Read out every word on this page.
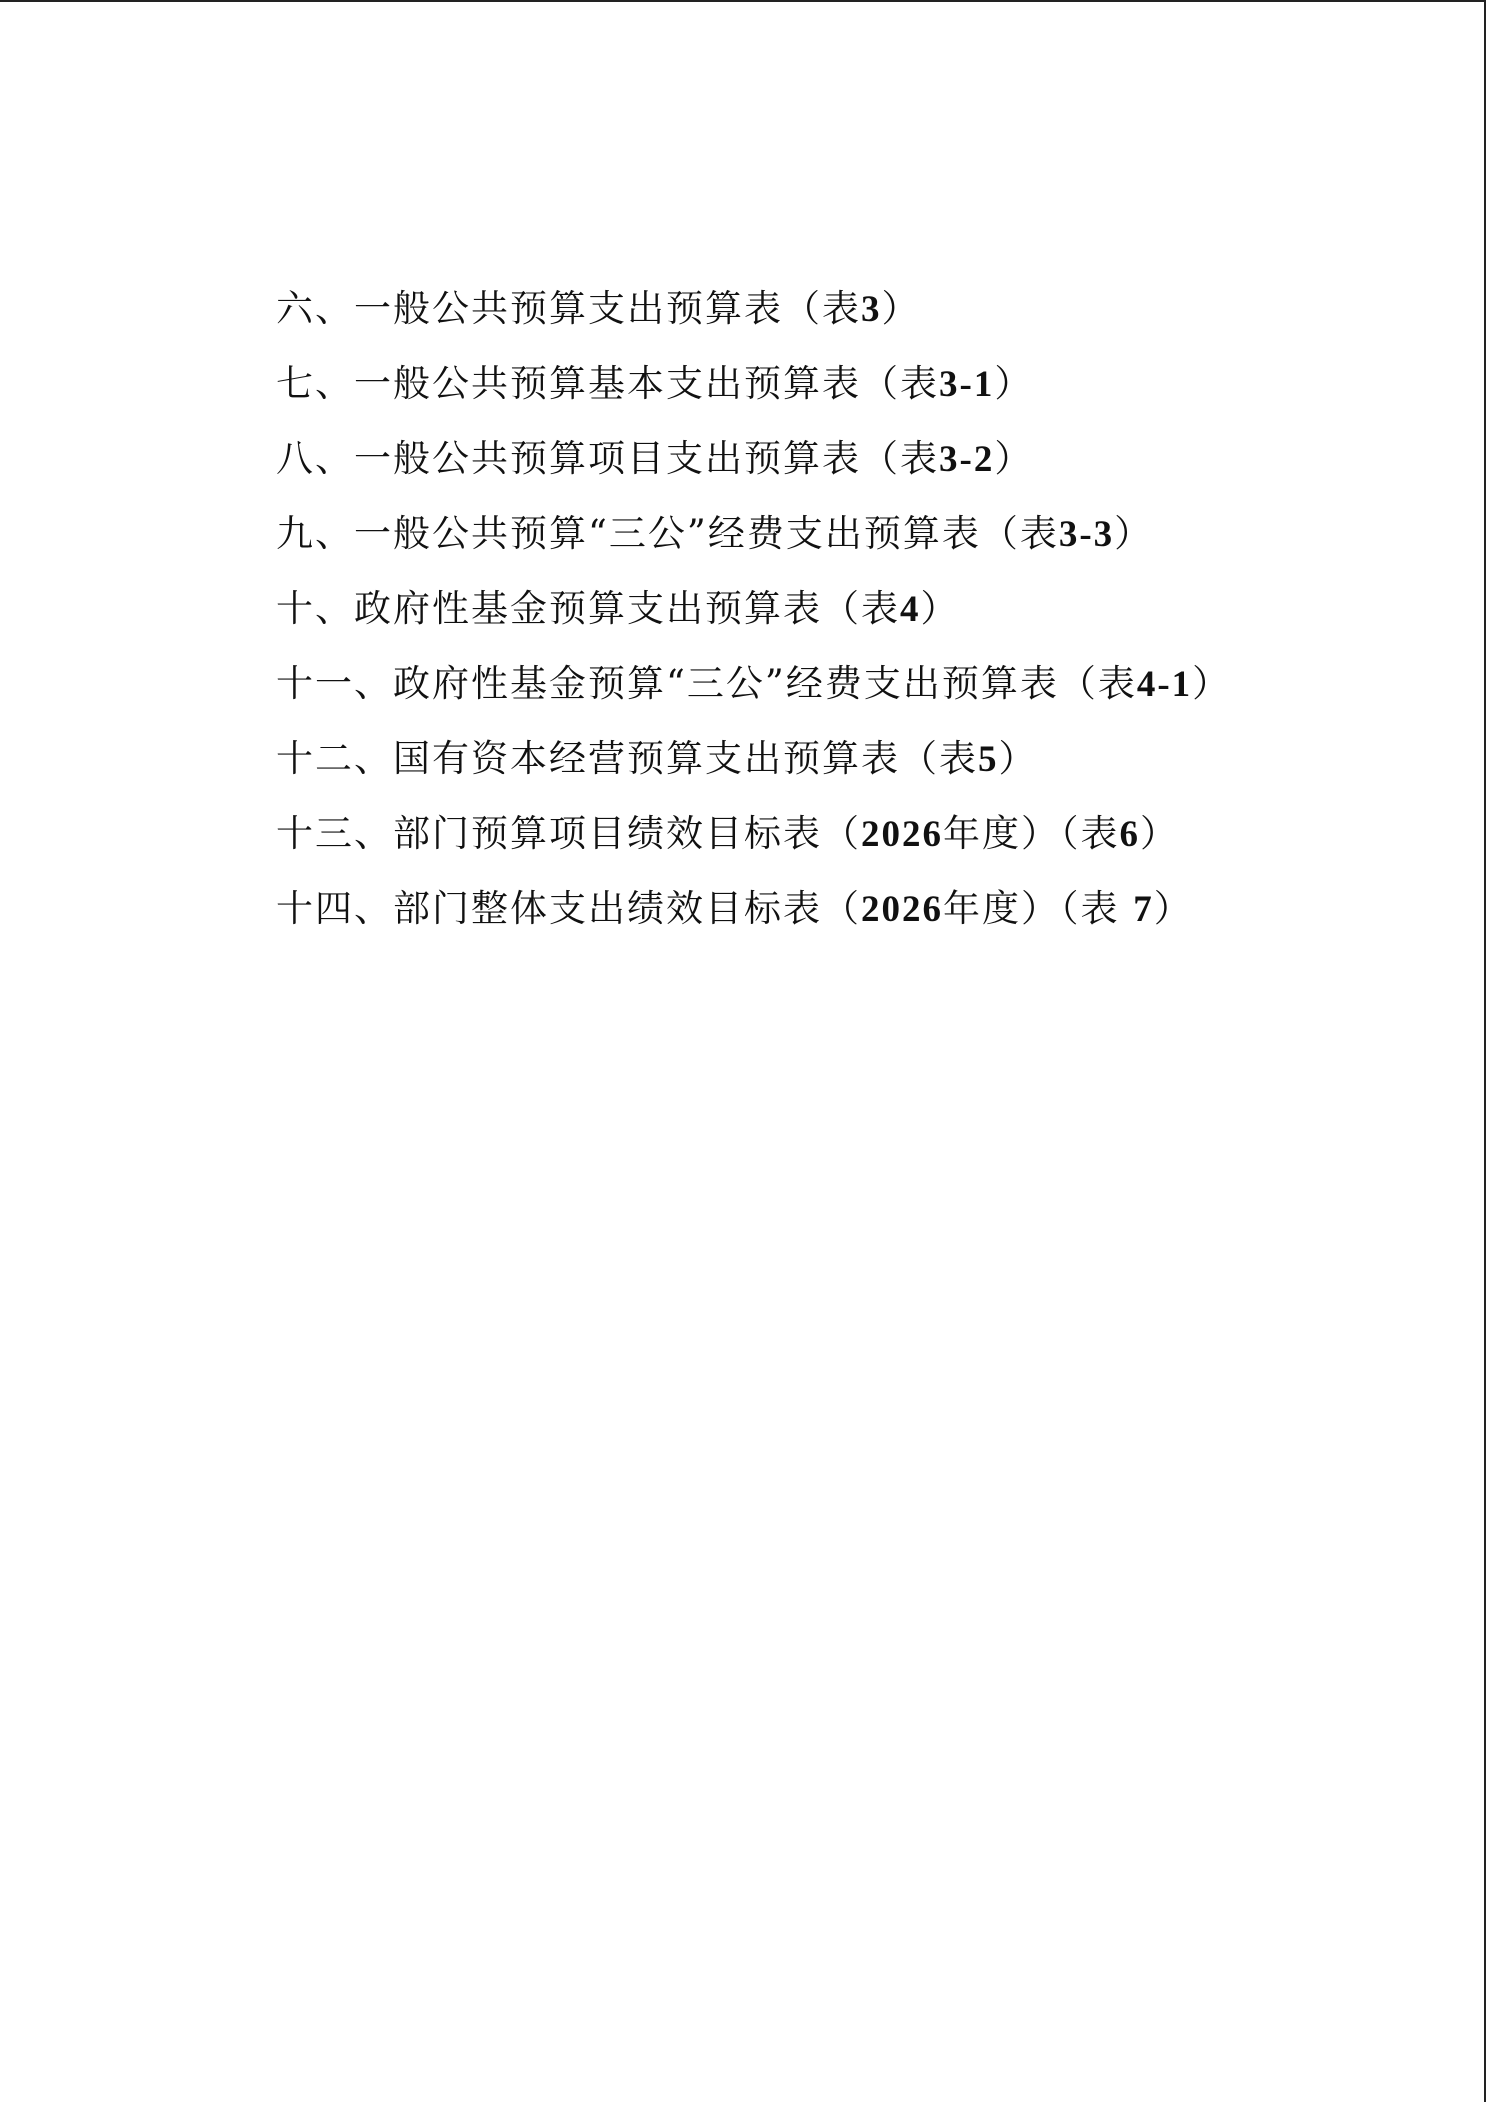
六、一般公共预算支出预算表（表3）
七、一般公共预算基本支出预算表（表3-1）
八、一般公共预算项目支出预算表（表3-2）
九、一般公共预算“三公”经费支出预算表（表3-3）
十、政府性基金预算支出预算表（表4）
十一、政府性基金预算“三公”经费支出预算表（表4-1）
十二、国有资本经营预算支出预算表（表5）
十三、部门预算项目绩效目标表（2026年度）（表6）
十四、部门整体支出绩效目标表（2026年度）（表 7）
